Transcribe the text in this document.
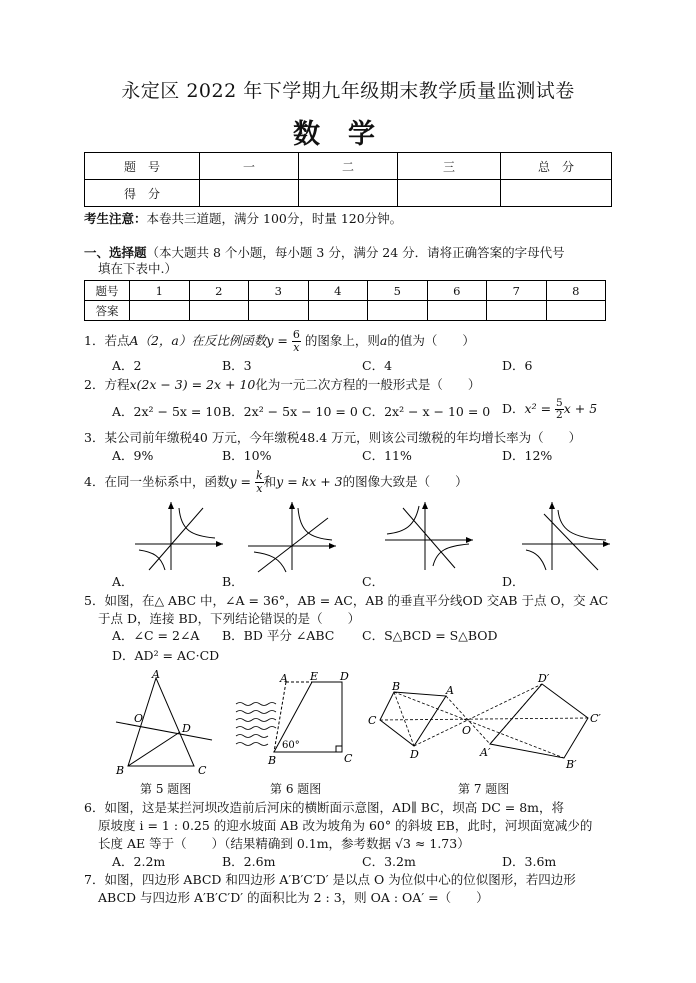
永定区 2022 年下学期九年级期末教学质量监测试卷
数学
题　号	一	二	三	总　分
得　分				
考生注意：本卷共三道题，满分 100分，时量 120分钟。
一、选择题（本大题共 8 个小题，每小题 3 分，满分 24 分．请将正确答案的字母代号
填在下表中.）
题号	1	2	3	4	5	6	7	8
答案								
1．若点A（2，a）在反比例函数$y = \frac{6}{x}$ 的图象上，则a的值为（　　）
A．2	B．3	C．4	D．6
2．方程x(2x − 3) = 2x + 10化为一元二次方程的一般形式是（　　）
A．2x² − 5x = 10 B．2x² − 5x − 10 = 0 C．2x² − x − 10 = 0 D．$x^2 = \frac{5}{2}$ x + 5
3．某公司前年缴税40 万元，今年缴税48.4 万元，则该公司缴税的年均增长率为（　　）
A．9%	B．10%	C．11%	D．12%
4．在同一坐标系中，函数$y = \frac{k}{x}$ 和y = kx + 3的图像大致是（　　）
A．	B．	C．	D．
5．如图，在△ ABC 中，∠A = 36°，AB = AC，AB 的垂直平分线OD 交AB 于点 O，交 AC
于点 D，连接 BD，下列结论错误的是（　　）
A．∠C = 2∠A B．BD 平分 ∠ABC C．S△BCD = S△BOD
D．AD² = AC·CD
A
O
D
B	C
第 5 题图
A E D
B	C
60°
第 6 题图
B	A
C
D
O
D′
C′
A′
B′
第 7 题图
6．如图，这是某拦河坝改造前后河床的横断面示意图，AD∥ BC，坝高 DC = 8m，将
原坡度 i = 1 : 0.25 的迎水坡面 AB 改为坡角为 60° 的斜坡 EB，此时，河坝面宽减少的
长度 AE 等于（　　）（结果精确到 0.1m，参考数据 √3 ≈ 1.73）
A．2.2m	B．2.6m	C．3.2m	D．3.6m
7．如图，四边形 ABCD 和四边形 A′B′C′D′ 是以点 O 为位似中心的位似图形，若四边形
ABCD 与四边形 A′B′C′D′ 的面积比为 2 : 3，则 OA : OA′ =（　　）
